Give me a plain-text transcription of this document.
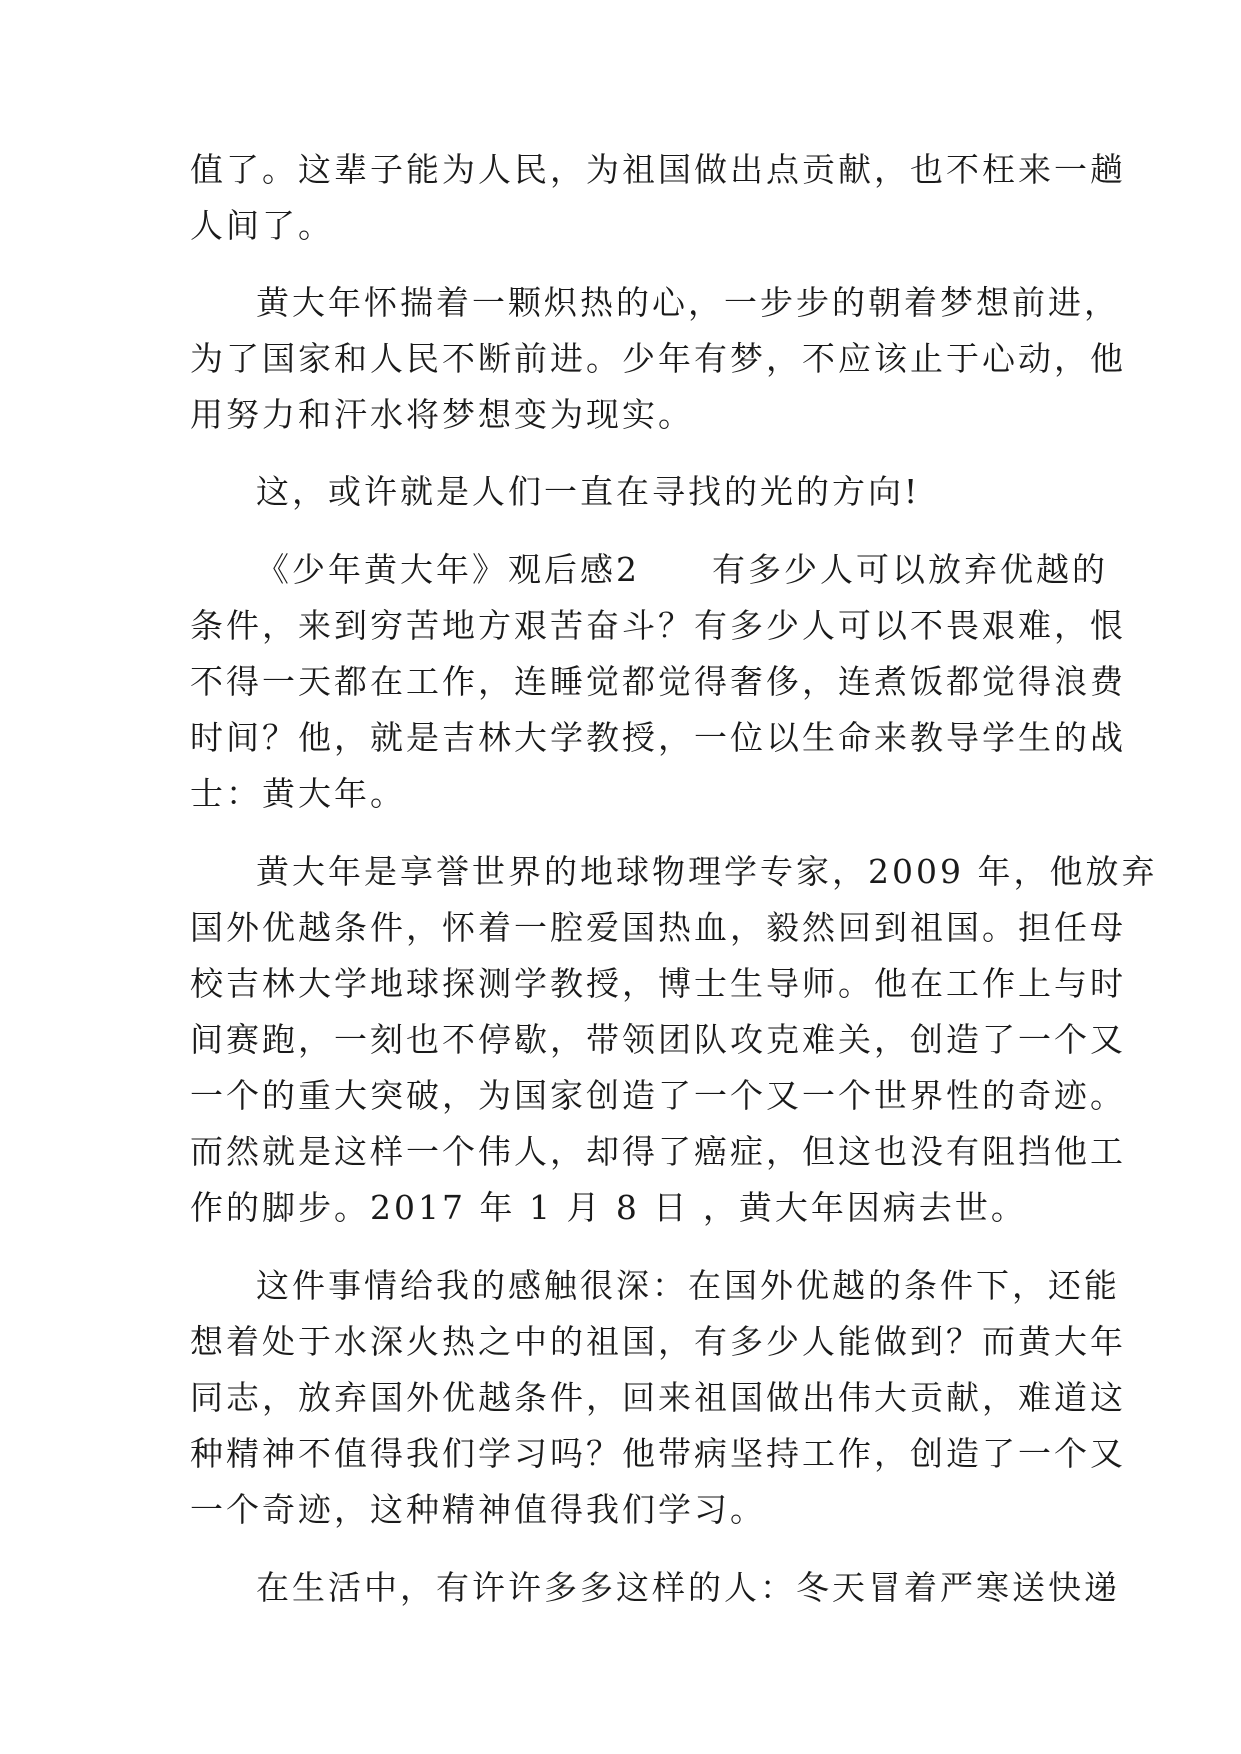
值了。这辈子能为人民，为祖国做出点贡献，也不枉来一趟
人间了。
黄大年怀揣着一颗炽热的心，一步步的朝着梦想前进，
为了国家和人民不断前进。少年有梦，不应该止于心动，他
用努力和汗水将梦想变为现实。
这，或许就是人们一直在寻找的光的方向!
《少年黄大年》观后感2　　有多少人可以放弃优越的
条件，来到穷苦地方艰苦奋斗？有多少人可以不畏艰难，恨
不得一天都在工作，连睡觉都觉得奢侈，连煮饭都觉得浪费
时间？他，就是吉林大学教授，一位以生命来教导学生的战
士：黄大年。
黄大年是享誉世界的地球物理学专家，2009 年，他放弃
国外优越条件，怀着一腔爱国热血，毅然回到祖国。担任母
校吉林大学地球探测学教授，博士生导师。他在工作上与时
间赛跑，一刻也不停歇，带领团队攻克难关，创造了一个又
一个的重大突破，为国家创造了一个又一个世界性的奇迹。
而然就是这样一个伟人，却得了癌症，但这也没有阻挡他工
作的脚步。2017 年 1 月 8 日 ，黄大年因病去世。
这件事情给我的感触很深：在国外优越的条件下，还能
想着处于水深火热之中的祖国，有多少人能做到？而黄大年
同志，放弃国外优越条件，回来祖国做出伟大贡献，难道这
种精神不值得我们学习吗？他带病坚持工作，创造了一个又
一个奇迹，这种精神值得我们学习。
在生活中，有许许多多这样的人：冬天冒着严寒送快递
